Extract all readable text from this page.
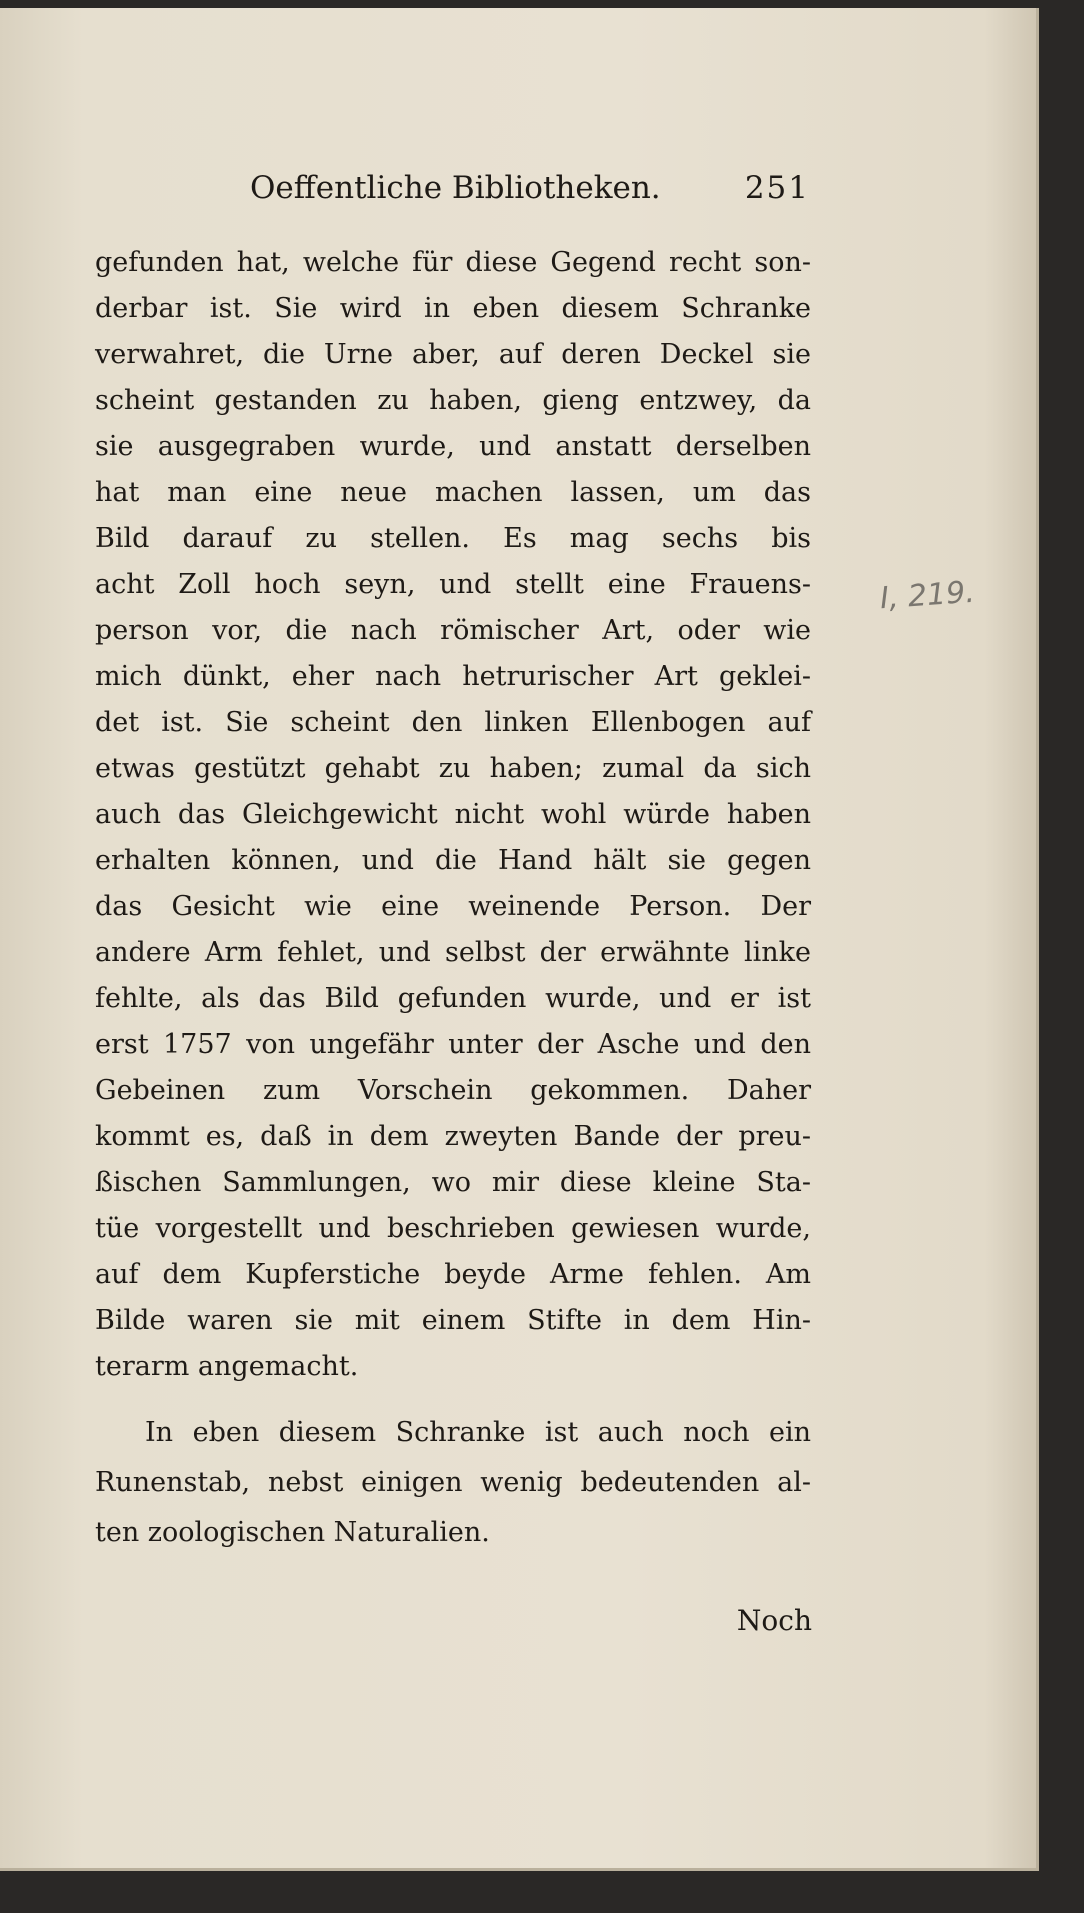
Oeffentliche Bibliotheken.	251
gefunden hat, welche für diese Gegend recht son-
derbar ist. Sie wird in eben diesem Schranke
verwahret, die Urne aber, auf deren Deckel sie
scheint gestanden zu haben, gieng entzwey, da
sie ausgegraben wurde, und anstatt derselben
hat man eine neue machen lassen, um das
Bild darauf zu stellen. Es mag sechs bis
acht Zoll hoch seyn, und stellt eine Frauens-
person vor, die nach römischer Art, oder wie
mich dünkt, eher nach hetrurischer Art geklei-
det ist. Sie scheint den linken Ellenbogen auf
etwas gestützt gehabt zu haben; zumal da sich
auch das Gleichgewicht nicht wohl würde haben
erhalten können, und die Hand hält sie gegen
das Gesicht wie eine weinende Person. Der
andere Arm fehlet, und selbst der erwähnte linke
fehlte, als das Bild gefunden wurde, und er ist
erst 1757 von ungefähr unter der Asche und den
Gebeinen zum Vorschein gekommen. Daher
kommt es, daß in dem zweyten Bande der preu-
ßischen Sammlungen, wo mir diese kleine Sta-
tüe vorgestellt und beschrieben gewiesen wurde,
auf dem Kupferstiche beyde Arme fehlen. Am
Bilde waren sie mit einem Stifte in dem Hin-
terarm angemacht.
In eben diesem Schranke ist auch noch ein
Runenstab, nebst einigen wenig bedeutenden al-
ten zoologischen Naturalien.
Noch
I, 219.
